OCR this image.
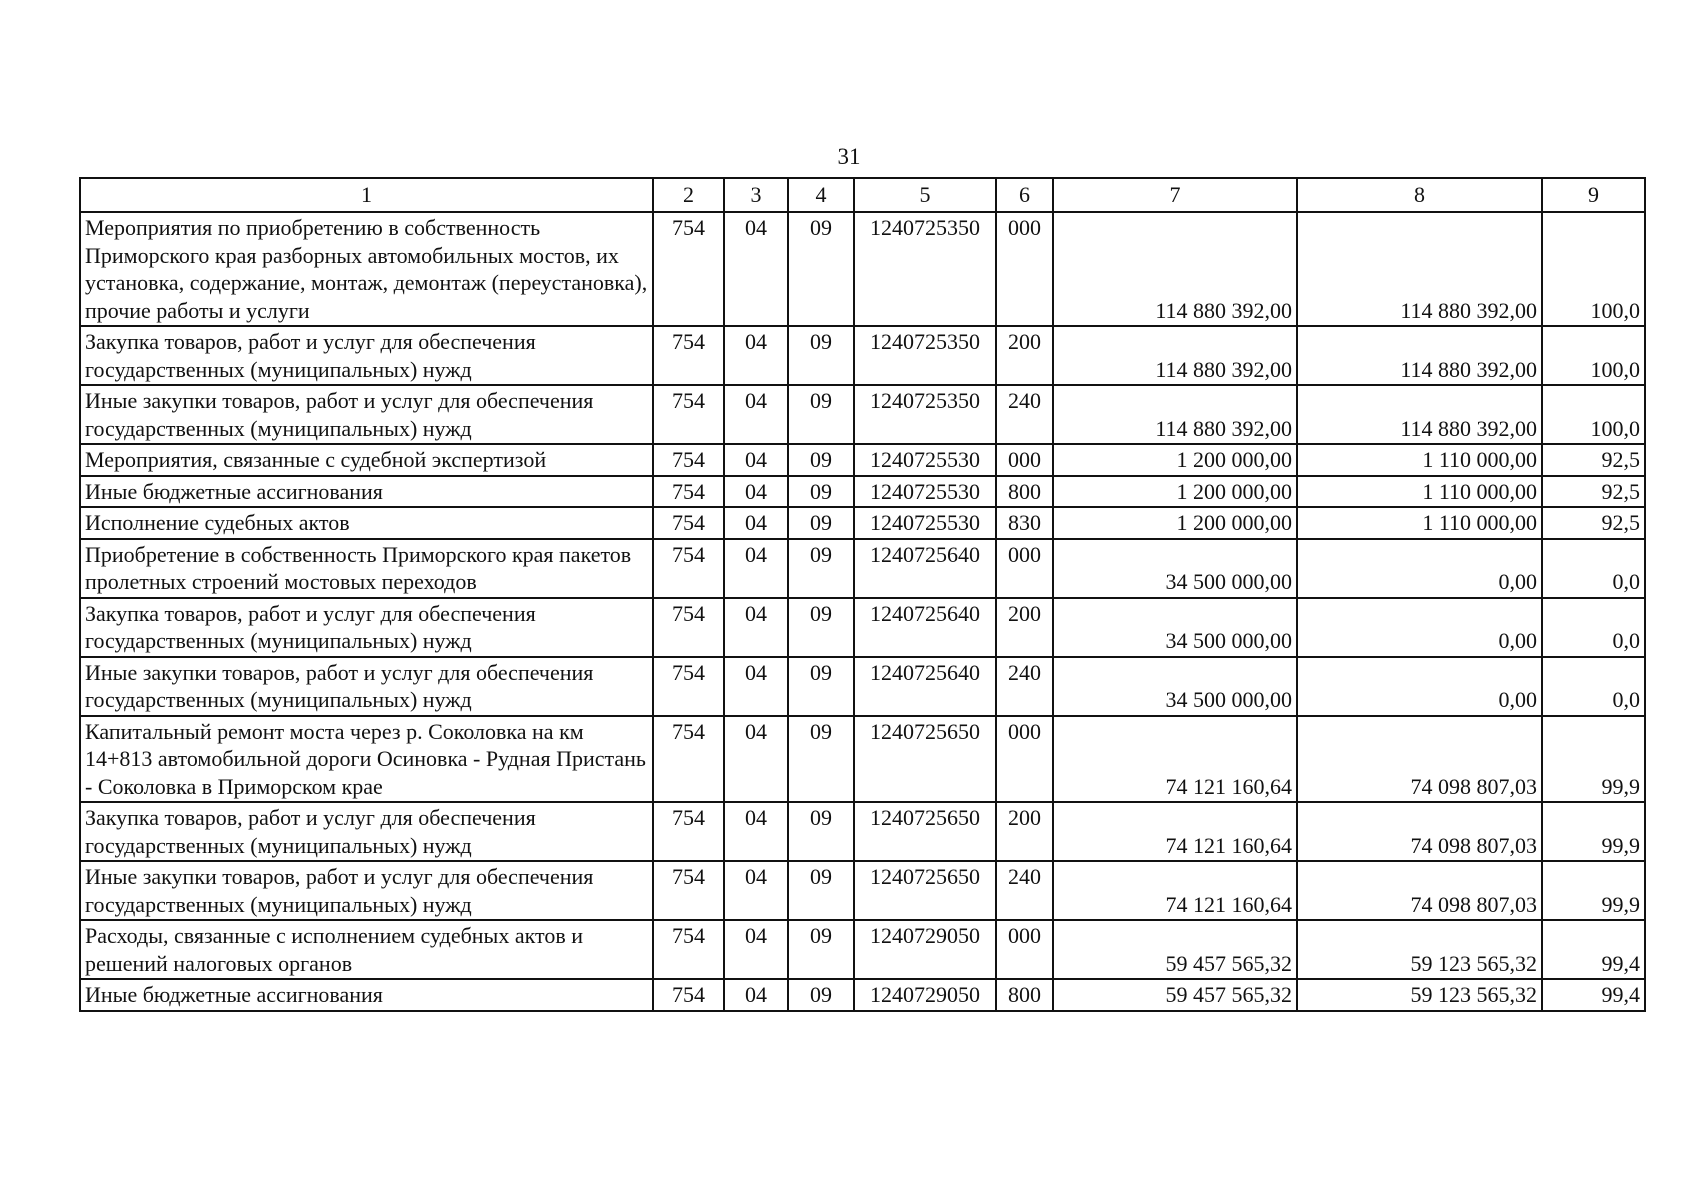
31
1	2	3	4	5	6	7	8	9
Мероприятия по приобретению в собственность Приморского края разборных автомобильных мостов, их установка, содержание, монтаж, демонтаж (переустановка), прочие работы и услуги	754	04	09	1240725350	000	114 880 392,00	114 880 392,00	100,0
Закупка товаров, работ и услуг для обеспечения государственных (муниципальных) нужд	754	04	09	1240725350	200	114 880 392,00	114 880 392,00	100,0
Иные закупки товаров, работ и услуг для обеспечения государственных (муниципальных) нужд	754	04	09	1240725350	240	114 880 392,00	114 880 392,00	100,0
Мероприятия, связанные с судебной экспертизой	754	04	09	1240725530	000	1 200 000,00	1 110 000,00	92,5
Иные бюджетные ассигнования	754	04	09	1240725530	800	1 200 000,00	1 110 000,00	92,5
Исполнение судебных актов	754	04	09	1240725530	830	1 200 000,00	1 110 000,00	92,5
Приобретение в собственность Приморского края пакетов пролетных строений мостовых переходов	754	04	09	1240725640	000	34 500 000,00	0,00	0,0
Закупка товаров, работ и услуг для обеспечения государственных (муниципальных) нужд	754	04	09	1240725640	200	34 500 000,00	0,00	0,0
Иные закупки товаров, работ и услуг для обеспечения государственных (муниципальных) нужд	754	04	09	1240725640	240	34 500 000,00	0,00	0,0
Капитальный ремонт моста через р. Соколовка на км 14+813 автомобильной дороги Осиновка - Рудная Пристань - Соколовка в Приморском крае	754	04	09	1240725650	000	74 121 160,64	74 098 807,03	99,9
Закупка товаров, работ и услуг для обеспечения государственных (муниципальных) нужд	754	04	09	1240725650	200	74 121 160,64	74 098 807,03	99,9
Иные закупки товаров, работ и услуг для обеспечения государственных (муниципальных) нужд	754	04	09	1240725650	240	74 121 160,64	74 098 807,03	99,9
Расходы, связанные с исполнением судебных актов и решений налоговых органов	754	04	09	1240729050	000	59 457 565,32	59 123 565,32	99,4
Иные бюджетные ассигнования	754	04	09	1240729050	800	59 457 565,32	59 123 565,32	99,4
